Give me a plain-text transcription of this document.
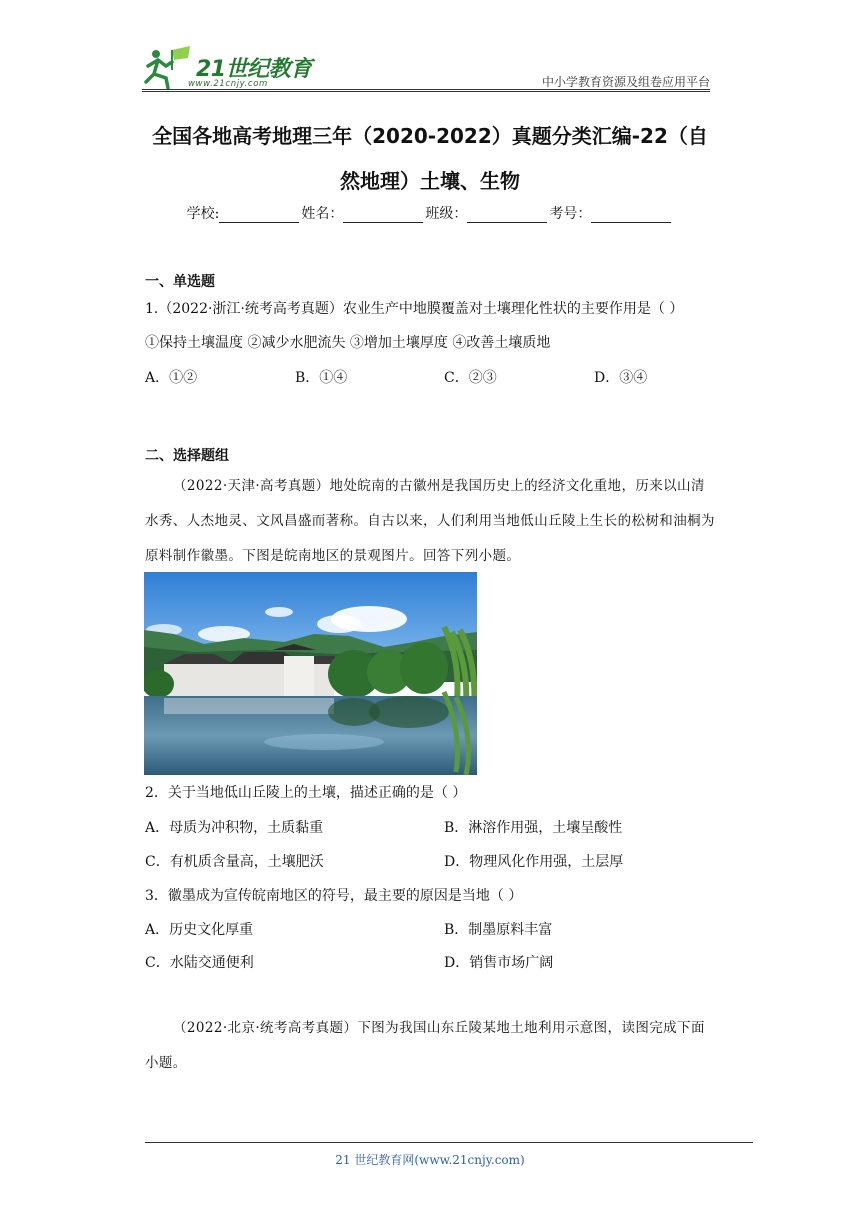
21世纪教育
www.21cnjy.com	中小学教育资源及组卷应用平台
全国各地高考地理三年（2020-2022）真题分类汇编-22（自
然地理）土壤、生物
学校:	姓名：	班级：	考号：
一、单选题
1.（2022·浙江·统考高考真题）农业生产中地膜覆盖对土壤理化性状的主要作用是（ ）
①保持土壤温度 ②减少水肥流失 ③增加土壤厚度 ④改善土壤质地
A．①②	B．①④	C．②③	D．③④
二、选择题组
（2022·天津·高考真题）地处皖南的古徽州是我国历史上的经济文化重地，历来以山清水秀、人杰地灵、文风昌盛而著称。自古以来，人们利用当地低山丘陵上生长的松树和油桐为原料制作徽墨。下图是皖南地区的景观图片。回答下列小题。
2．关于当地低山丘陵上的土壤，描述正确的是（ ）
A．母质为冲积物，土质黏重	B．淋溶作用强，土壤呈酸性
C．有机质含量高，土壤肥沃	D．物理风化作用强，土层厚
3．徽墨成为宣传皖南地区的符号，最主要的原因是当地（ ）
A．历史文化厚重	B．制墨原料丰富
C．水陆交通便利	D．销售市场广阔
（2022·北京·统考高考真题）下图为我国山东丘陵某地土地利用示意图，读图完成下面小题。
21 世纪教育网(www.21cnjy.com)
